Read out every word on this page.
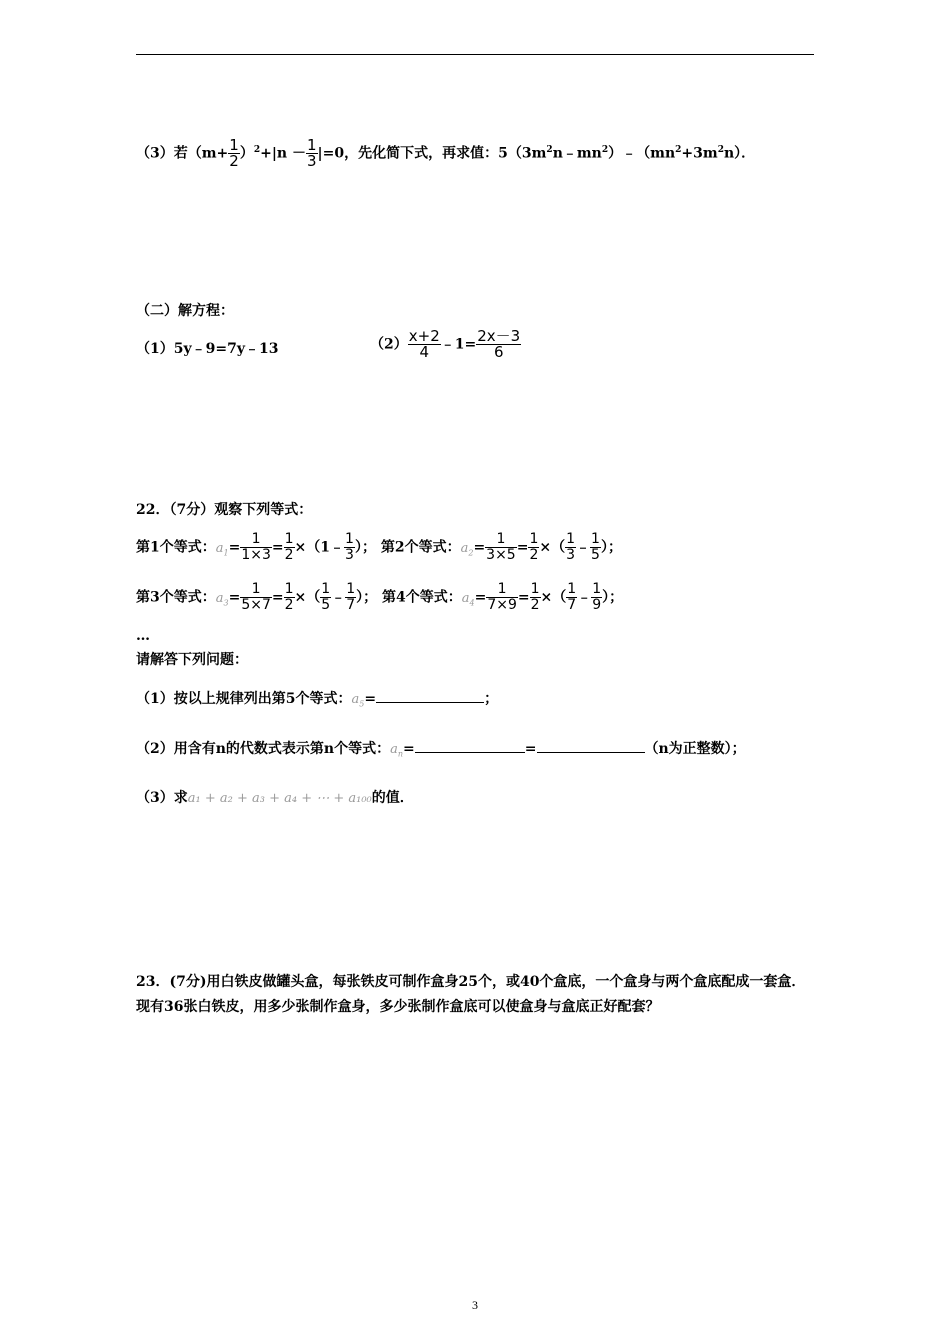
（3）若$(m+ \frac{1}{2} )^2+|n - \frac{1}{3} |=0$，先化简下式，再求值：$5(3m^2n﹣mn^2)﹣(mn^2+3m^2n)$．
（二）解方程：
（1）5y﹣9=7y﹣13	$(2) \frac{x+2}{4}$ ﹣1= $\frac{2x-3}{6}$
22．（7分）观察下列等式：
第1个等式：$a_1= \frac{1}{1\times 3} = \frac{1}{2}$ ×（1﹣ $\frac{1}{3}$ ）； 第2个等式：$a_2= \frac{1}{3\times 5} = \frac{1}{2}$ ×（ $\frac{1}{3}$ ﹣ $\frac{1}{5}$ ）；
第3个等式：$a_3= \frac{1}{5\times 7} = \frac{1}{2}$ ×（ $\frac{1}{5}$ ﹣ $\frac{1}{7}$ ）； 第4个等式：$a_4= \frac{1}{7\times 9} = \frac{1}{2}$ ×（ $\frac{1}{7}$ ﹣ $\frac{1}{9}$ ）；
…
请解答下列问题：
（1）按以上规律列出第5个等式：$a_5=$	；
（2）用含有n的代数式表示第n个等式：$a_n=$	=	（n为正整数）；
（3）求a₁ + a₂ + a₃ + a₄ + ⋯ + a₁₀₀的值．
23．(7分)用白铁皮做罐头盒，每张铁皮可制作盒身25个，或40个盒底，一个盒身与两个盒底配成一套盒．现有36张白铁皮，用多少张制作盒身，多少张制作盒底可以使盒身与盒底正好配套？
3
